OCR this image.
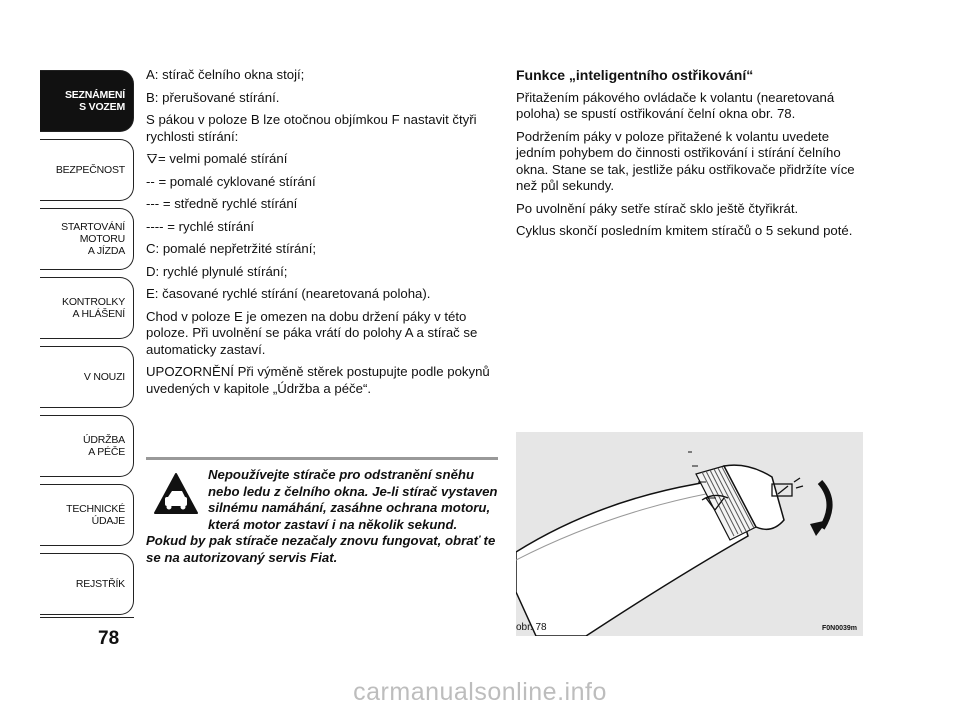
SEZNÁMENÍ
S VOZEM
BEZPEČNOST
STARTOVÁNÍ
MOTORU
A JÍZDA
KONTROLKY
A HLÁŠENÍ
V NOUZI
ÚDRŽBA
A PÉČE
TECHNICKÉ
ÚDAJE
REJSTŘÍK
78

A: stírač čelního okna stojí;

B: přerušované stírání.

S pákou v poloze B lze otočnou objímkou F nastavit čtyři rychlosti stírání:

= velmi pomalé stírání

-- = pomalé cyklované stírání

--- = středně rychlé stírání

---- = rychlé stírání

C: pomalé nepřetržité stírání;

D: rychlé plynulé stírání;

E: časované rychlé stírání (nearetovaná poloha).

Chod v poloze E je omezen na dobu držení páky v této poloze. Při uvolnění se páka vrátí do polohy A a stírač se automaticky zastaví.

UPOZORNĚNÍ Při výměně stěrek postupujte podle pokynů uvedených v kapitole „Údržba a péče“.

Nepoužívejte stírače pro odstranění sněhu nebo ledu z čelního okna. Je-li stírač vystaven silnému namáhání, zasáhne ochrana motoru, která motor zastaví i na několik sekund. Pokud by pak stírače nezačaly znovu fungovat, obrať te se na autorizovaný servis Fiat.

Funkce „inteligentního ostřikování“

Přitažením pákového ovládače k volantu (nearetovaná poloha) se spustí ostřikování čelní okna obr. 78.

Podržením páky v poloze přitažené k volantu uvedete jedním pohybem do činnosti ostřikování i stírání čelního okna. Stane se tak, jestliže páku ostřikovače přidržíte více než půl sekundy.

Po uvolnění páky setře stírač sklo ještě čtyřikrát.

Cyklus skončí posledním kmitem stíračů o 5 sekund poté.

F0N0039m
obr. 78
carmanualsonline.info
